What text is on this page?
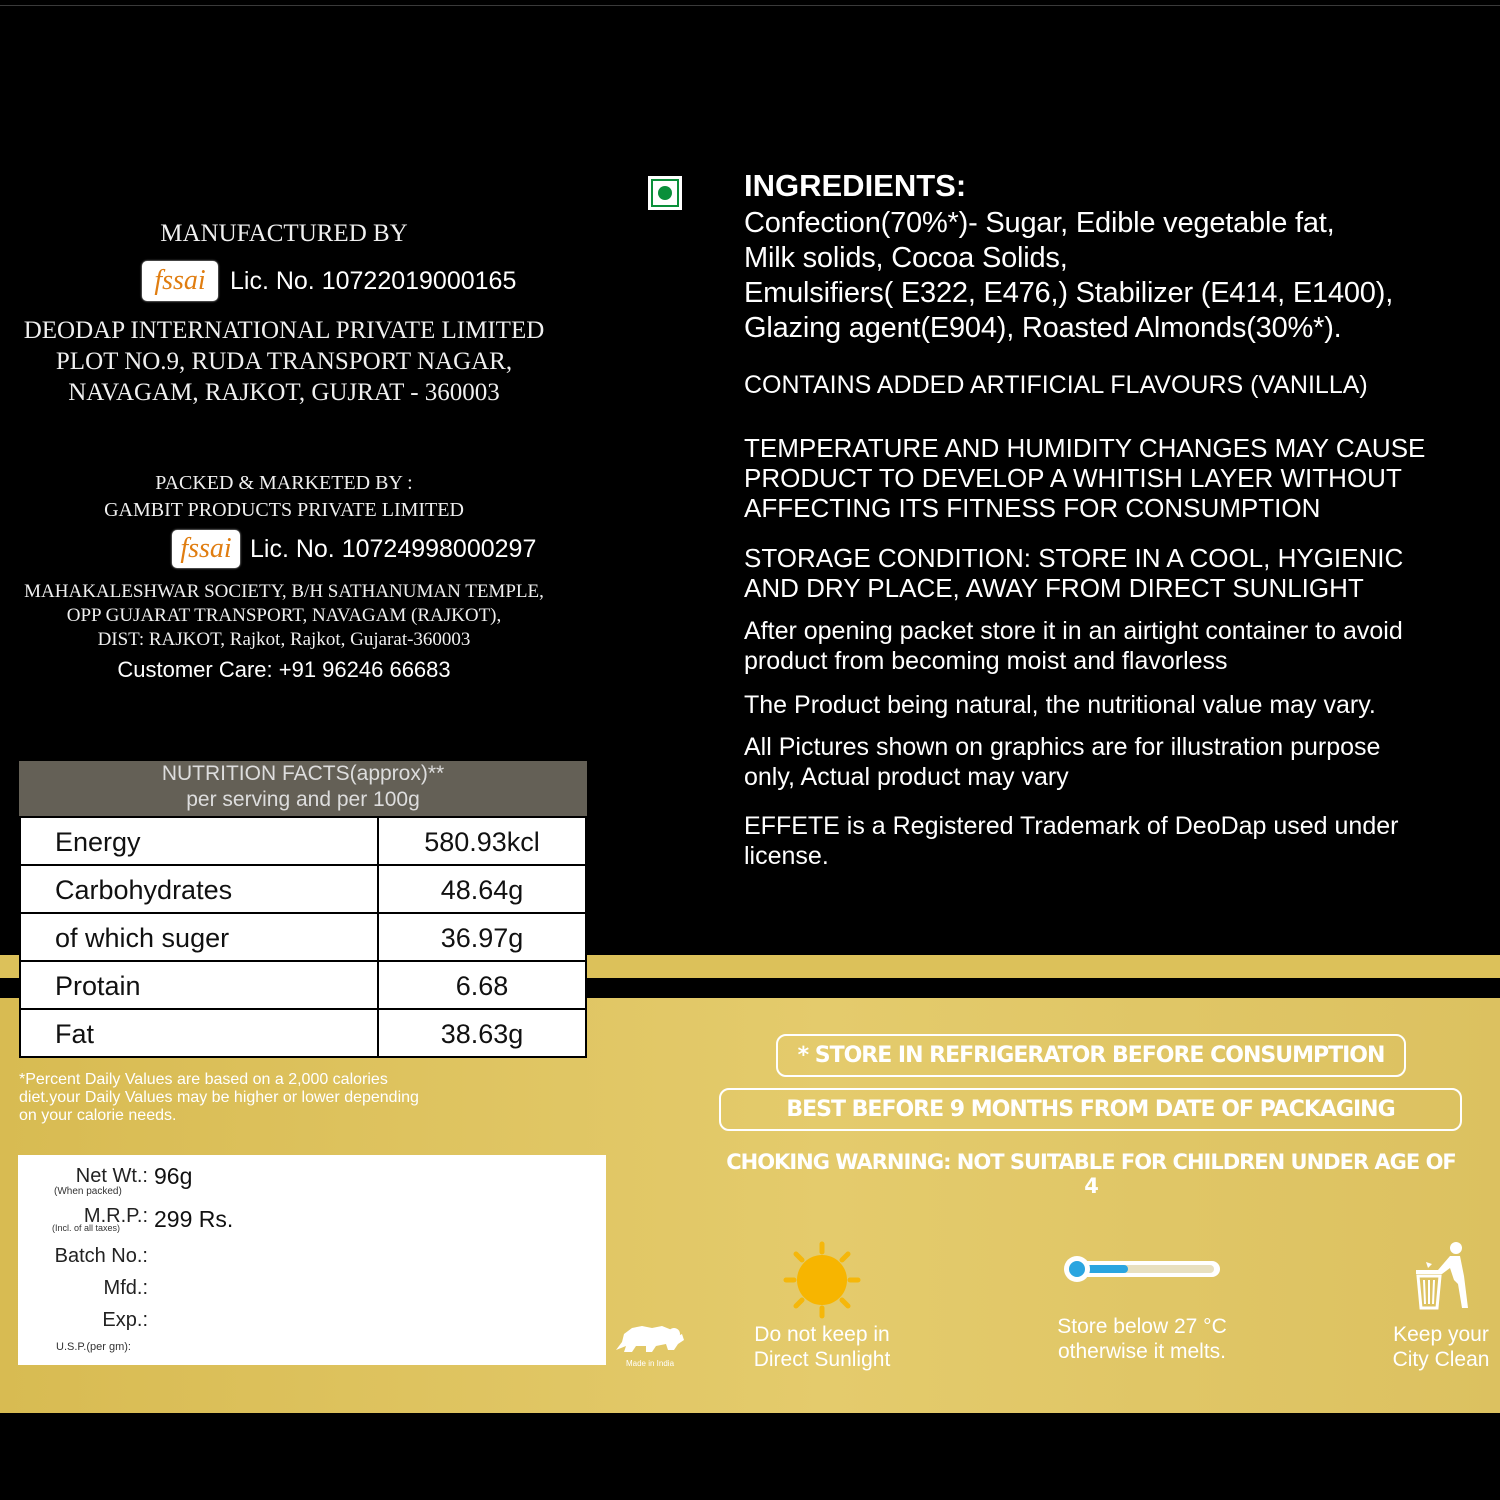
MANUFACTURED BY
fssai Lic. No. 10722019000165
DEODAP INTERNATIONAL PRIVATE LIMITED
PLOT NO.9, RUDA TRANSPORT NAGAR,
NAVAGAM, RAJKOT, GUJRAT - 360003
PACKED & MARKETED BY :
GAMBIT PRODUCTS PRIVATE LIMITED
fssai Lic. No. 10724998000297
MAHAKALESHWAR SOCIETY, B/H SATHANUMAN TEMPLE,
OPP GUJARAT TRANSPORT, NAVAGAM (RAJKOT),
DIST: RAJKOT, Rajkot, Rajkot, Gujarat-360003
Customer Care: +91 96246 66683
INGREDIENTS:
Confection(70%*)- Sugar, Edible vegetable fat,
Milk solids, Cocoa Solids,
Emulsifiers( E322, E476,) Stabilizer (E414, E1400),
Glazing agent(E904), Roasted Almonds(30%*).
CONTAINS ADDED ARTIFICIAL FLAVOURS (VANILLA)
TEMPERATURE AND HUMIDITY CHANGES MAY CAUSE
PRODUCT TO DEVELOP A WHITISH LAYER WITHOUT
AFFECTING ITS FITNESS FOR CONSUMPTION
STORAGE CONDITION: STORE IN A COOL, HYGIENIC
AND DRY PLACE, AWAY FROM DIRECT SUNLIGHT
After opening packet store it in an airtight container to avoid
product from becoming moist and flavorless
The Product being natural, the nutritional value may vary.
All Pictures shown on graphics are for illustration purpose
only, Actual product may vary
EFFETE is a Registered Trademark of DeoDap used under
license.
NUTRITION FACTS(approx)**
per serving and per 100g
Energy	580.93kcl
Carbohydrates	48.64g
of which suger	36.97g
Protain	6.68
Fat	38.63g
*Percent Daily Values are based on a 2,000 calories
diet.your Daily Values may be higher or lower depending
on your calorie needs.
Net Wt.:
(When packed)
96g
M.R.P.:
(Incl. of all taxes) 299 Rs.
Batch No.:
Mfd.:
Exp.:
U.S.P.(per gm):
* STORE IN REFRIGERATOR BEFORE CONSUMPTION
BEST BEFORE 9 MONTHS FROM DATE OF PACKAGING
CHOKING WARNING: NOT SUITABLE FOR CHILDREN UNDER AGE OF 4
Made in India
Do not keep in
Direct Sunlight
Store below 27 °C
otherwise it melts.
Keep your
City Clean
